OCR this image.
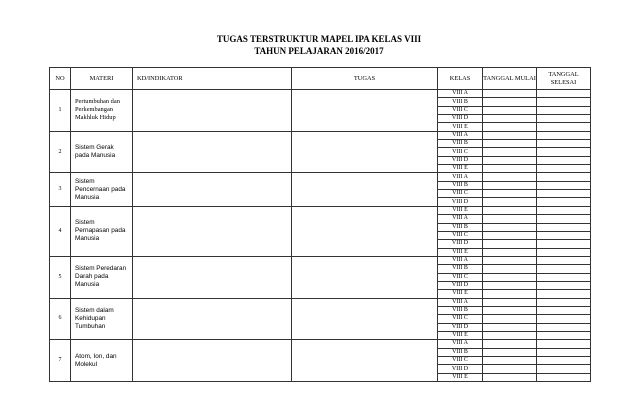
TUGAS TERSTRUKTUR MAPEL IPA KELAS VIII
TAHUN PELAJARAN 2016/2017
NO	MATERI	KD/INDIKATOR	TUGAS	KELAS	TANGGAL MULAI	TANGGAL SELESAI
1	Pertumbuhan dan Perkembangan Makhluk Hidup			VIII A		
				VIII B		
				VIII C		
				VIII D		
				VIII E		
2	Sistem Gerak pada Manusia			VIII A		
				VIII B		
				VIII C		
				VIII D		
				VIII E		
3	Sistem Pencernaan pada Manusia			VIII A		
				VIII B		
				VIII C		
				VIII D		
4	Sistem Pernapasan pada Manusia			VIII E		
				VIII A		
				VIII B		
				VIII C		
				VIII D		
				VIII E		
5	Sistem Peredaran Darah pada Manusia			VIII A		
				VIII B		
				VIII C		
				VIII D		
				VIII E		
6	Sistem dalam Kehidupan Tumbuhan			VIII A		
				VIII B		
				VIII C		
				VIII D		
				VIII E		
7	Atom, Ion, dan Molekul			VIII A		
				VIII B		
				VIII C		
				VIII D		
				VIII E		
